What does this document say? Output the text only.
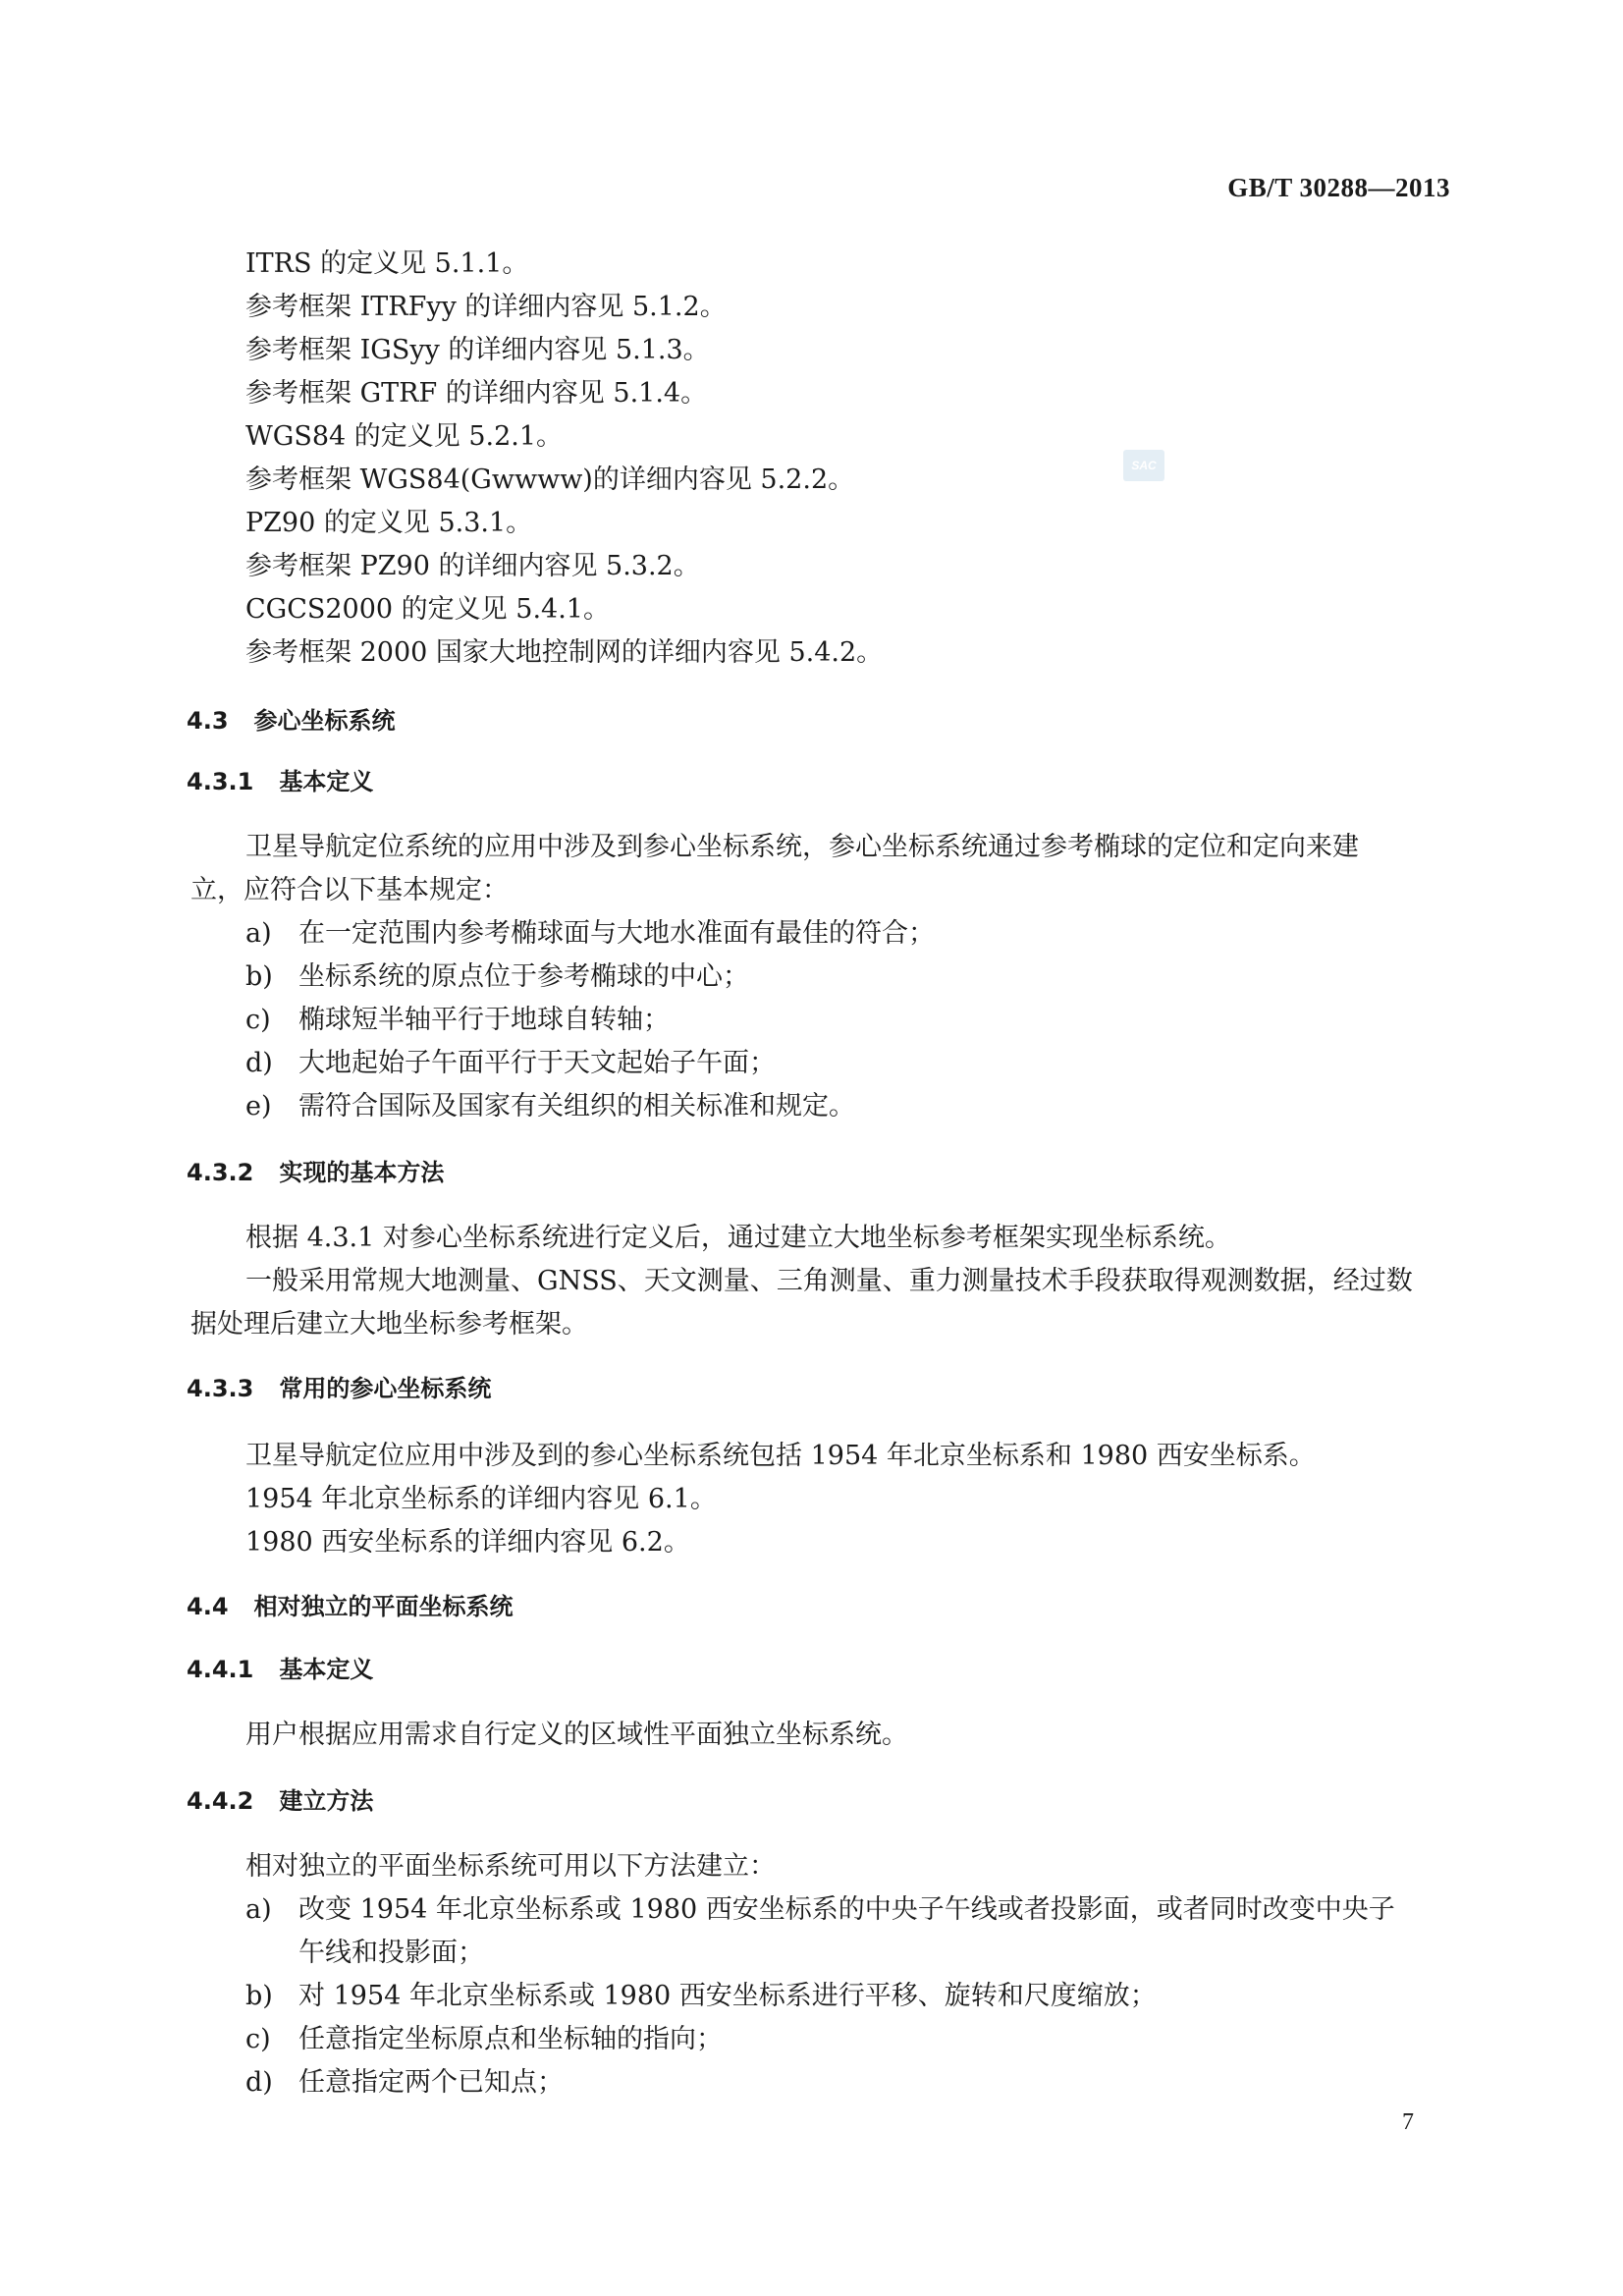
GB/T 30288—2013
SAC
ITRS 的定义见 5.1.1。
参考框架 ITRFyy 的详细内容见 5.1.2。
参考框架 IGSyy 的详细内容见 5.1.3。
参考框架 GTRF 的详细内容见 5.1.4。
WGS84 的定义见 5.2.1。
参考框架 WGS84(Gwwww)的详细内容见 5.2.2。
PZ90 的定义见 5.3.1。
参考框架 PZ90 的详细内容见 5.3.2。
CGCS2000 的定义见 5.4.1。
参考框架 2000 国家大地控制网的详细内容见 5.4.2。
4.3 参心坐标系统
4.3.1 基本定义
卫星导航定位系统的应用中涉及到参心坐标系统，参心坐标系统通过参考椭球的定位和定向来建
立，应符合以下基本规定：
a) 在一定范围内参考椭球面与大地水准面有最佳的符合；
b) 坐标系统的原点位于参考椭球的中心；
c) 椭球短半轴平行于地球自转轴；
d) 大地起始子午面平行于天文起始子午面；
e) 需符合国际及国家有关组织的相关标准和规定。
4.3.2 实现的基本方法
根据 4.3.1 对参心坐标系统进行定义后，通过建立大地坐标参考框架实现坐标系统。
一般采用常规大地测量、GNSS、天文测量、三角测量、重力测量技术手段获取得观测数据，经过数
据处理后建立大地坐标参考框架。
4.3.3 常用的参心坐标系统
卫星导航定位应用中涉及到的参心坐标系统包括 1954 年北京坐标系和 1980 西安坐标系。
1954 年北京坐标系的详细内容见 6.1。
1980 西安坐标系的详细内容见 6.2。
4.4 相对独立的平面坐标系统
4.4.1 基本定义
用户根据应用需求自行定义的区域性平面独立坐标系统。
4.4.2 建立方法
相对独立的平面坐标系统可用以下方法建立：
a) 改变 1954 年北京坐标系或 1980 西安坐标系的中央子午线或者投影面，或者同时改变中央子
午线和投影面；
b) 对 1954 年北京坐标系或 1980 西安坐标系进行平移、旋转和尺度缩放；
c) 任意指定坐标原点和坐标轴的指向；
d) 任意指定两个已知点；
7
